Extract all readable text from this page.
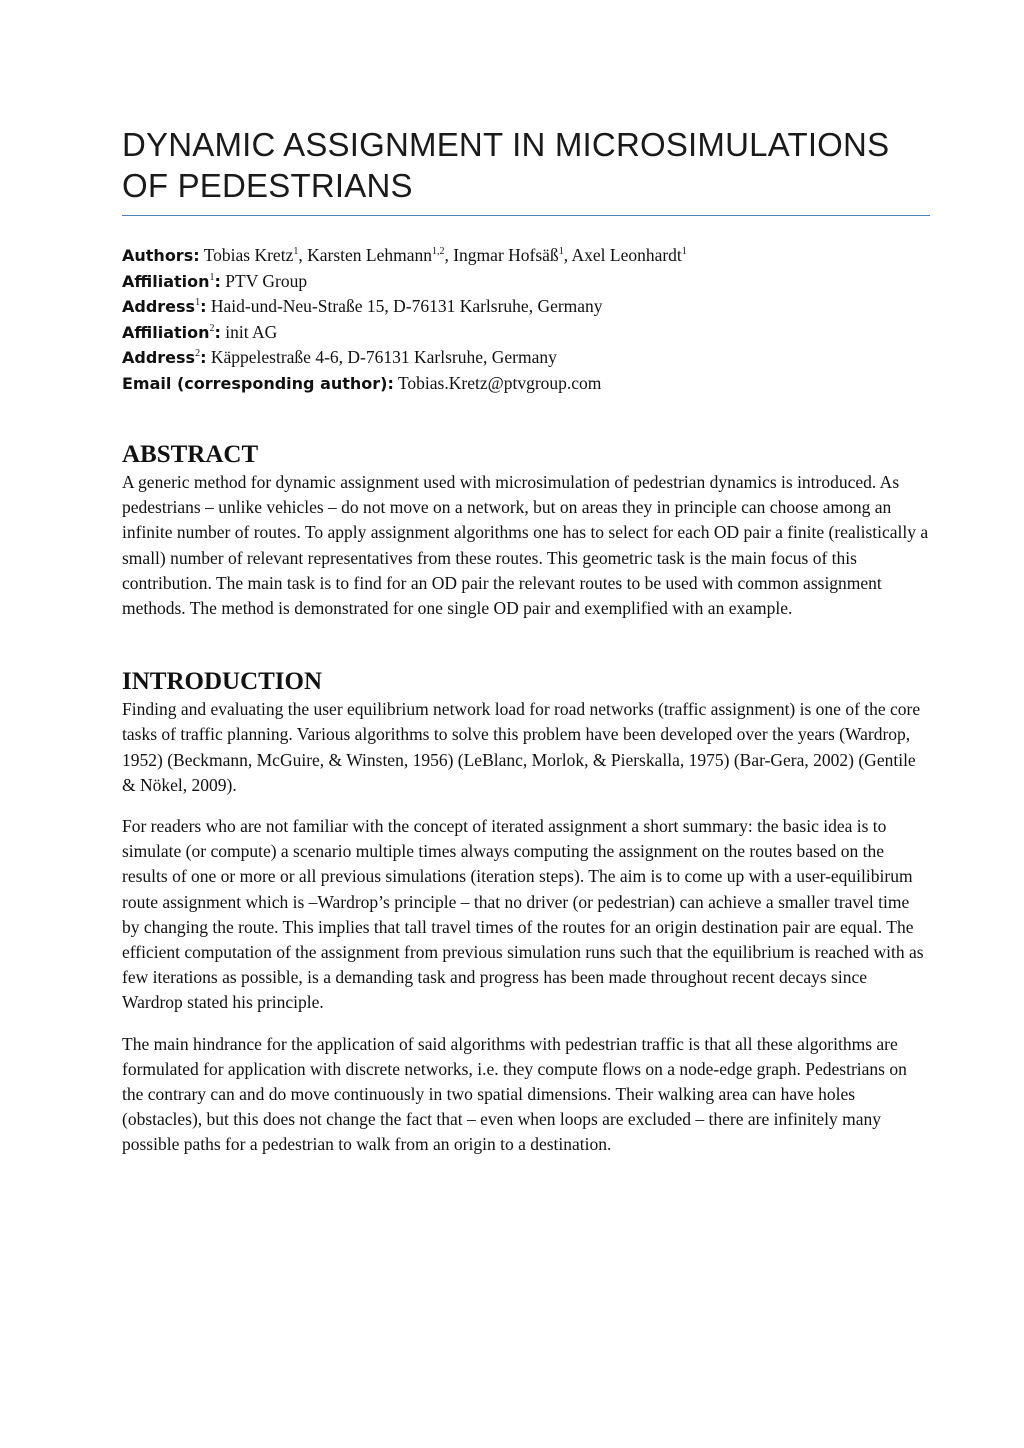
DYNAMIC ASSIGNMENT IN MICROSIMULATIONS OF PEDESTRIANS
Authors: Tobias Kretz$^1$, Karsten Lehmann$^{1,2}$, Ingmar Hofsäß$^1$, Axel Leonhardt$^1$
Affiliation$^1$: PTV Group
Address$^1$: Haid-und-Neu-Straße 15, D-76131 Karlsruhe, Germany
Affiliation$^2$: init AG
Address$^2$: Käppelestraße 4-6, D-76131 Karlsruhe, Germany
Email (corresponding author): Tobias.Kretz@ptvgroup.com
ABSTRACT

A generic method for dynamic assignment used with microsimulation of pedestrian dynamics is introduced. As pedestrians – unlike vehicles – do not move on a network, but on areas they in principle can choose among an infinite number of routes. To apply assignment algorithms one has to select for each OD pair a finite (realistically a small) number of relevant representatives from these routes. This geometric task is the main focus of this contribution. The main task is to find for an OD pair the relevant routes to be used with common assignment methods. The method is demonstrated for one single OD pair and exemplified with an example.

INTRODUCTION

Finding and evaluating the user equilibrium network load for road networks (traffic assignment) is one of the core tasks of traffic planning. Various algorithms to solve this problem have been developed over the years (Wardrop, 1952) (Beckmann, McGuire, & Winsten, 1956) (LeBlanc, Morlok, & Pierskalla, 1975) (Bar-Gera, 2002) (Gentile & Nökel, 2009).

For readers who are not familiar with the concept of iterated assignment a short summary: the basic idea is to simulate (or compute) a scenario multiple times always computing the assignment on the routes based on the results of one or more or all previous simulations (iteration steps). The aim is to come up with a user-equilibirum route assignment which is –Wardrop’s principle – that no driver (or pedestrian) can achieve a smaller travel time by changing the route. This implies that tall travel times of the routes for an origin destination pair are equal. The efficient computation of the assignment from previous simulation runs such that the equilibrium is reached with as few iterations as possible, is a demanding task and progress has been made throughout recent decays since Wardrop stated his principle.

The main hindrance for the application of said algorithms with pedestrian traffic is that all these algorithms are formulated for application with discrete networks, i.e. they compute flows on a node-edge graph. Pedestrians on the contrary can and do move continuously in two spatial dimensions. Their walking area can have holes (obstacles), but this does not change the fact that – even when loops are excluded – there are infinitely many possible paths for a pedestrian to walk from an origin to a destination.
